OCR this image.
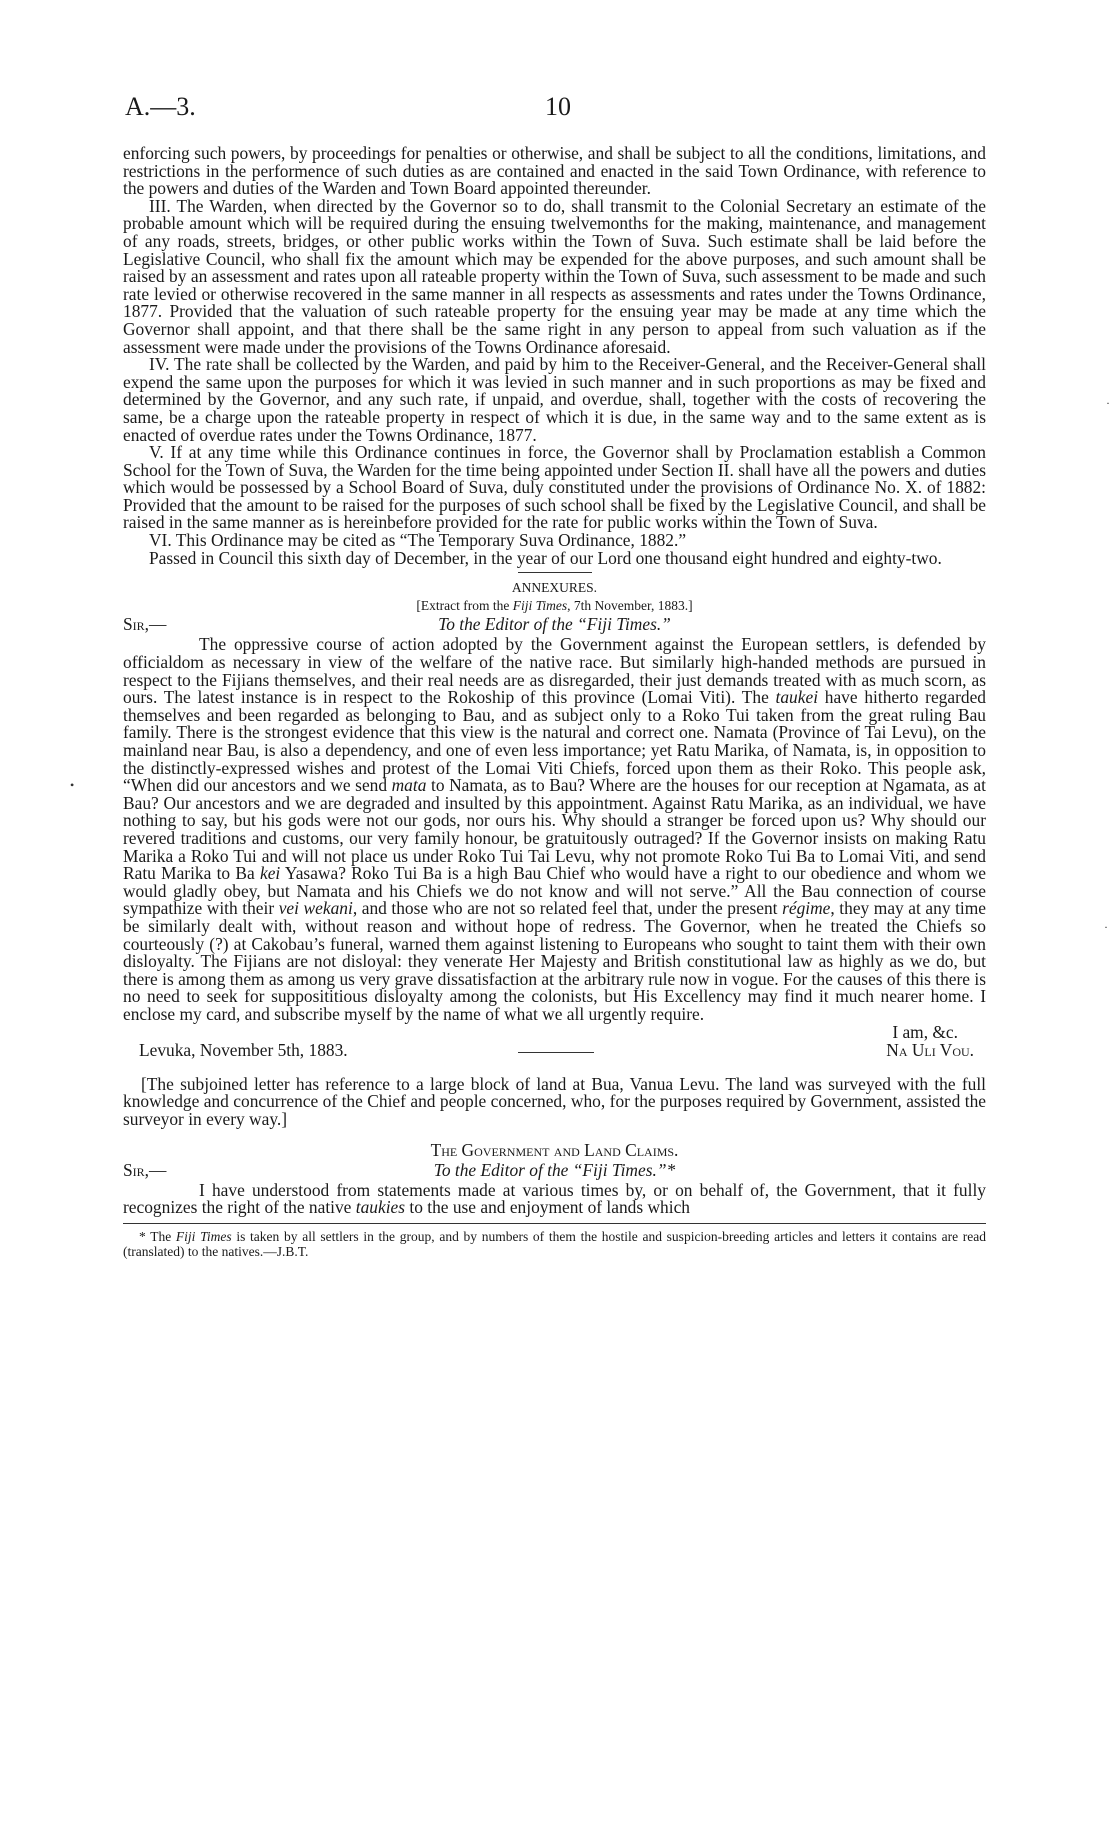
A.—3.	10
·
•
·

enforcing such powers, by proceedings for penalties or otherwise, and shall be subject to all the conditions, limitations, and restrictions in the performence of such duties as are contained and enacted in the said Town Ordinance, with reference to the powers and duties of the Warden and Town Board appointed thereunder.

III. The Warden, when directed by the Governor so to do, shall transmit to the Colonial Secretary an estimate of the probable amount which will be required during the ensuing twelvemonths for the making, maintenance, and management of any roads, streets, bridges, or other public works within the Town of Suva. Such estimate shall be laid before the Legislative Council, who shall fix the amount which may be expended for the above purposes, and such amount shall be raised by an assessment and rates upon all rateable property within the Town of Suva, such assessment to be made and such rate levied or otherwise recovered in the same manner in all respects as assessments and rates under the Towns Ordinance, 1877. Provided that the valuation of such rateable property for the ensuing year may be made at any time which the Governor shall appoint, and that there shall be the same right in any person to appeal from such valuation as if the assessment were made under the provisions of the Towns Ordinance aforesaid.

IV. The rate shall be collected by the Warden, and paid by him to the Receiver-General, and the Receiver-General shall expend the same upon the purposes for which it was levied in such manner and in such proportions as may be fixed and determined by the Governor, and any such rate, if unpaid, and overdue, shall, together with the costs of recovering the same, be a charge upon the rateable property in respect of which it is due, in the same way and to the same extent as is enacted of overdue rates under the Towns Ordinance, 1877.

V. If at any time while this Ordinance continues in force, the Governor shall by Proclamation establish a Common School for the Town of Suva, the Warden for the time being appointed under Section II. shall have all the powers and duties which would be possessed by a School Board of Suva, duly constituted under the provisions of Ordinance No. X. of 1882: Provided that the amount to be raised for the purposes of such school shall be fixed by the Legislative Council, and shall be raised in the same manner as is hereinbefore provided for the rate for public works within the Town of Suva.

VI. This Ordinance may be cited as “The Temporary Suva Ordinance, 1882.”

Passed in Council this sixth day of December, in the year of our Lord one thousand eight hundred and eighty-two.

ANNEXURES.

[Extract from the Fiji Times, 7th November, 1883.]

Sir,—	To the Editor of the “Fiji Times.”

The oppressive course of action adopted by the Government against the European settlers, is defended by officialdom as necessary in view of the welfare of the native race. But similarly high-handed methods are pursued in respect to the Fijians themselves, and their real needs are as disregarded, their just demands treated with as much scorn, as ours. The latest instance is in respect to the Rokoship of this province (Lomai Viti). The taukei have hitherto regarded themselves and been regarded as belonging to Bau, and as subject only to a Roko Tui taken from the great ruling Bau family. There is the strongest evidence that this view is the natural and correct one. Namata (Province of Tai Levu), on the mainland near Bau, is also a dependency, and one of even less importance; yet Ratu Marika, of Namata, is, in opposition to the distinctly-expressed wishes and protest of the Lomai Viti Chiefs, forced upon them as their Roko. This people ask, “When did our ancestors and we send mata to Namata, as to Bau? Where are the houses for our reception at Ngamata, as at Bau? Our ancestors and we are degraded and insulted by this appointment. Against Ratu Marika, as an individual, we have nothing to say, but his gods were not our gods, nor ours his. Why should a stranger be forced upon us? Why should our revered traditions and customs, our very family honour, be gratuitously outraged? If the Governor insists on making Ratu Marika a Roko Tui and will not place us under Roko Tui Tai Levu, why not promote Roko Tui Ba to Lomai Viti, and send Ratu Marika to Ba kei Yasawa? Roko Tui Ba is a high Bau Chief who would have a right to our obedience and whom we would gladly obey, but Namata and his Chiefs we do not know and will not serve.” All the Bau connection of course sympathize with their vei wekani, and those who are not so related feel that, under the present régime, they may at any time be similarly dealt with, without reason and without hope of redress. The Governor, when he treated the Chiefs so courteously (?) at Cakobau’s funeral, warned them against listening to Europeans who sought to taint them with their own disloyalty. The Fijians are not disloyal: they venerate Her Majesty and British constitutional law as highly as we do, but there is among them as among us very grave dissatisfaction at the arbitrary rule now in vogue. For the causes of this there is no need to seek for supposititious disloyalty among the colonists, but His Excellency may find it much nearer home. I enclose my card, and subscribe myself by the name of what we all urgently require.

I am, &c.
Levuka, November 5th, 1883.	Na Uli Vou.

[The subjoined letter has reference to a large block of land at Bua, Vanua Levu. The land was surveyed with the full knowledge and concurrence of the Chief and people concerned, who, for the purposes required by Government, assisted the surveyor in every way.]

The Government and Land Claims.

Sir,—	To the Editor of the “Fiji Times.”*

I have understood from statements made at various times by, or on behalf of, the Government, that it fully recognizes the right of the native taukies to the use and enjoyment of lands which

* The Fiji Times is taken by all settlers in the group, and by numbers of them the hostile and suspicion-breeding articles and letters it contains are read (translated) to the natives.—J.B.T.
